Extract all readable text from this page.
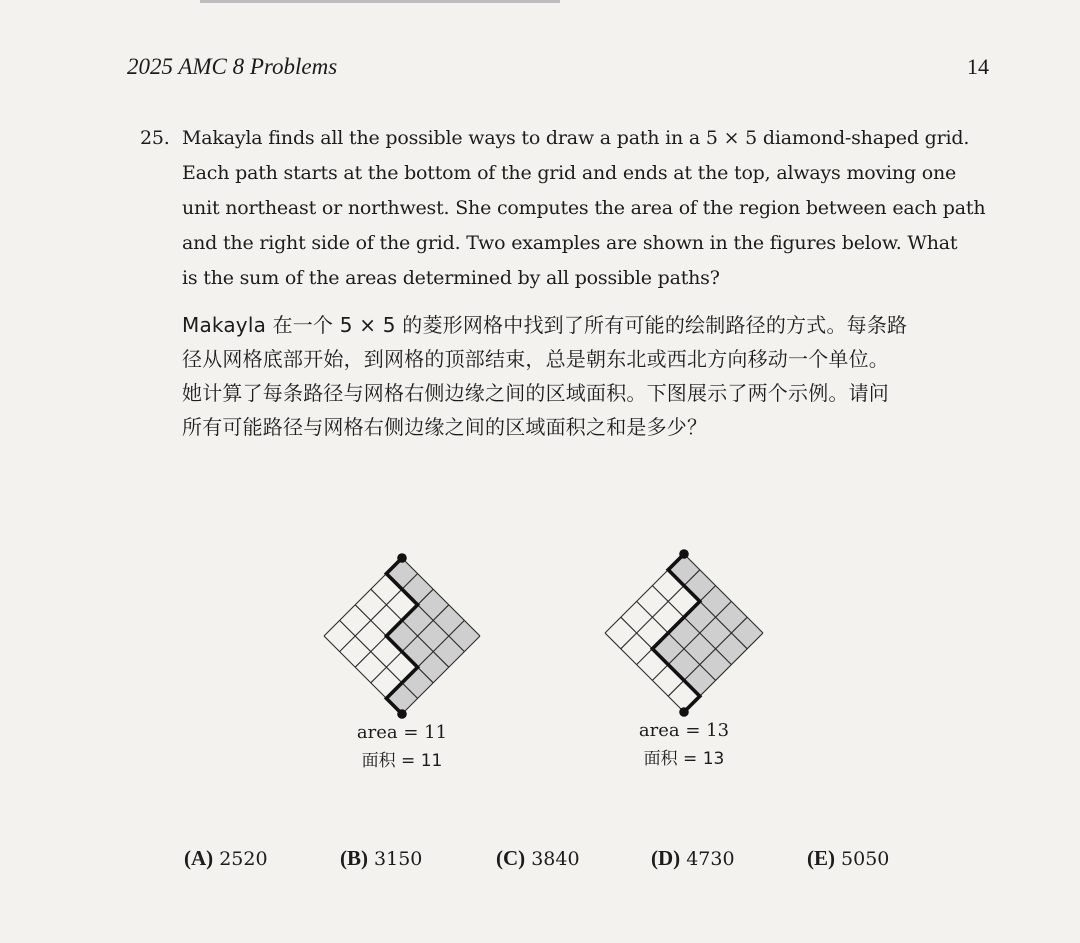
2025 AMC 8 Problems	14
25. Makayla finds all the possible ways to draw a path in a 5 × 5 diamond-shaped grid.
Each path starts at the bottom of the grid and ends at the top, always moving one
unit northeast or northwest. She computes the area of the region between each path
and the right side of the grid. Two examples are shown in the figures below. What
is the sum of the areas determined by all possible paths?
Makayla 在一个 5 × 5 的菱形网格中找到了所有可能的绘制路径的方式。每条路
径从网格底部开始，到网格的顶部结束，总是朝东北或西北方向移动一个单位。
她计算了每条路径与网格右侧边缘之间的区域面积。下图展示了两个示例。请问
所有可能路径与网格右侧边缘之间的区域面积之和是多少？
area = 11
面积 = 11
area = 13
面积 = 13
(A) 2520	(B) 3150	(C) 3840	(D) 4730	(E) 5050
